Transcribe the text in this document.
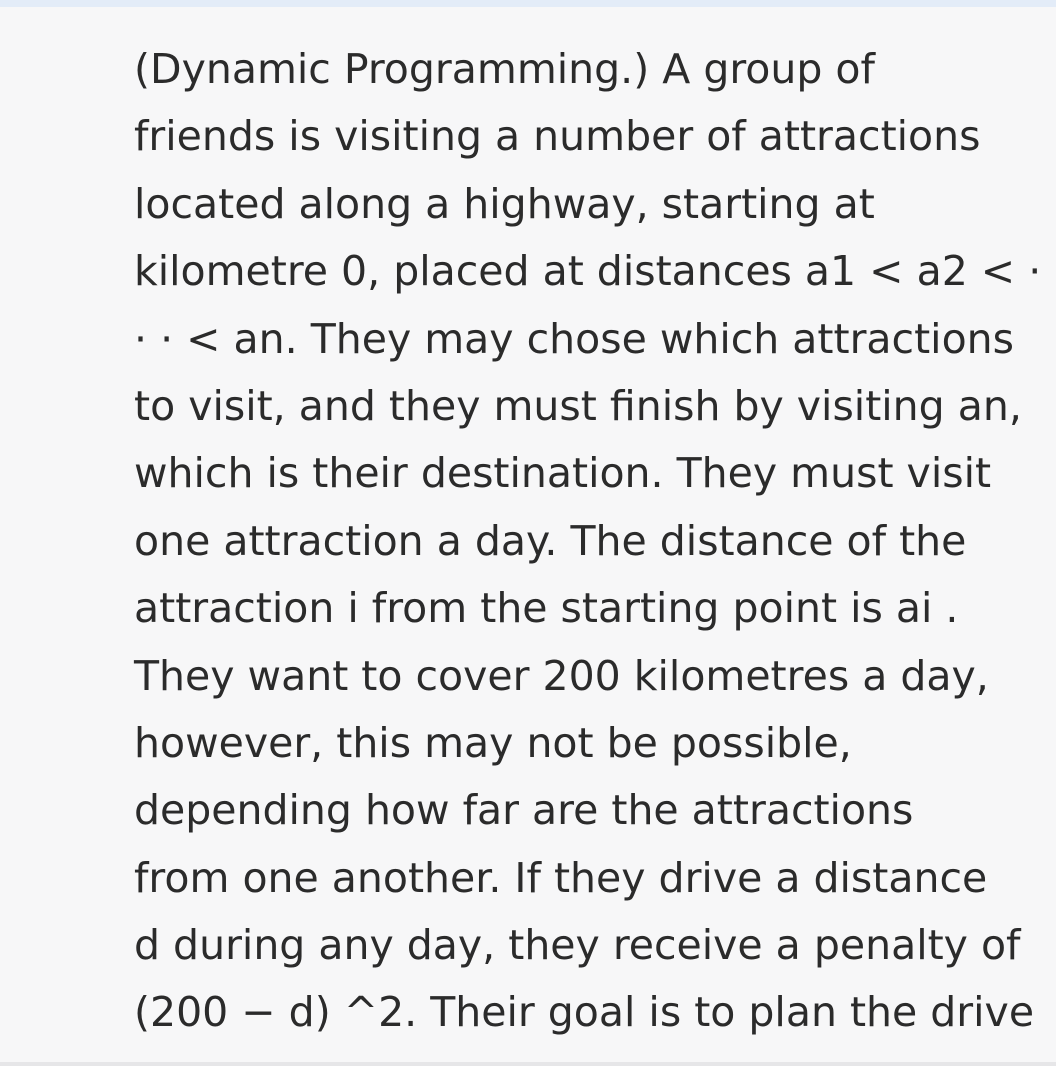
(Dynamic Programming.) A group of
friends is visiting a number of attractions
located along a highway, starting at
kilometre 0, placed at distances a1 < a2 < ·
· · < an. They may chose which attractions
to visit, and they must finish by visiting an,
which is their destination. They must visit
one attraction a day. The distance of the
attraction i from the starting point is ai .
They want to cover 200 kilometres a day,
however, this may not be possible,
depending how far are the attractions
from one another. If they drive a distance
d during any day, they receive a penalty of
(200 − d) ^2. Their goal is to plan the drive
